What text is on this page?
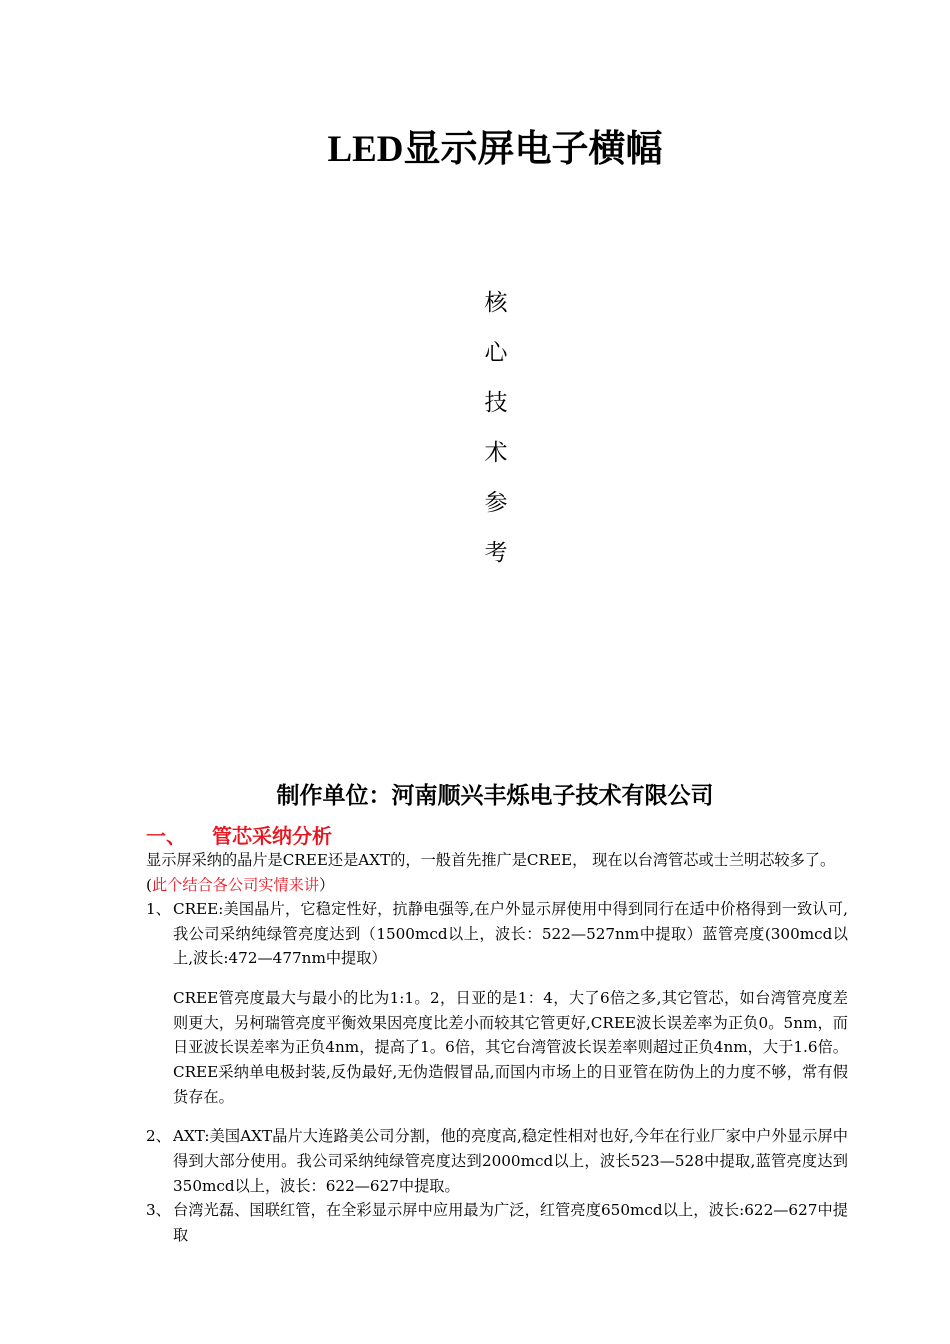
LED显示屏电子横幅
核
心
技
术
参
考
制作单位：河南顺兴丰烁电子技术有限公司
一、	管芯采纳分析

显示屏采纳的晶片是CREE还是AXT的，一般首先推广是CREE， 现在以台湾管芯或士兰明芯较多了。(此个结合各公司实情来讲）

1、 CREE:美国晶片，它稳定性好，抗静电强等,在户外显示屏使用中得到同行在适中价格得到一致认可,我公司采纳纯绿管亮度达到（1500mcd以上，波长：522—527nm中提取）蓝管亮度(300mcd以上,波长:472—477nm中提取）

CREE管亮度最大与最小的比为1:1。2，日亚的是1：4，大了6倍之多,其它管芯，如台湾管亮度差则更大，另柯瑞管亮度平衡效果因亮度比差小而较其它管更好,CREE波长误差率为正负0。5nm，而日亚波长误差率为正负4nm，提高了1。6倍，其它台湾管波长误差率则超过正负4nm，大于1.6倍。CREE采纳单电极封装,反伪最好,无伪造假冒品,而国内市场上的日亚管在防伪上的力度不够，常有假货存在。

2、 AXT:美国AXT晶片大连路美公司分割，他的亮度高,稳定性相对也好,今年在行业厂家中户外显示屏中得到大部分使用。我公司采纳纯绿管亮度达到2000mcd以上，波长523—528中提取,蓝管亮度达到350mcd以上，波长：622—627中提取。
3、 台湾光磊、国联红管，在全彩显示屏中应用最为广泛，红管亮度650mcd以上，波长:622—627中提取
